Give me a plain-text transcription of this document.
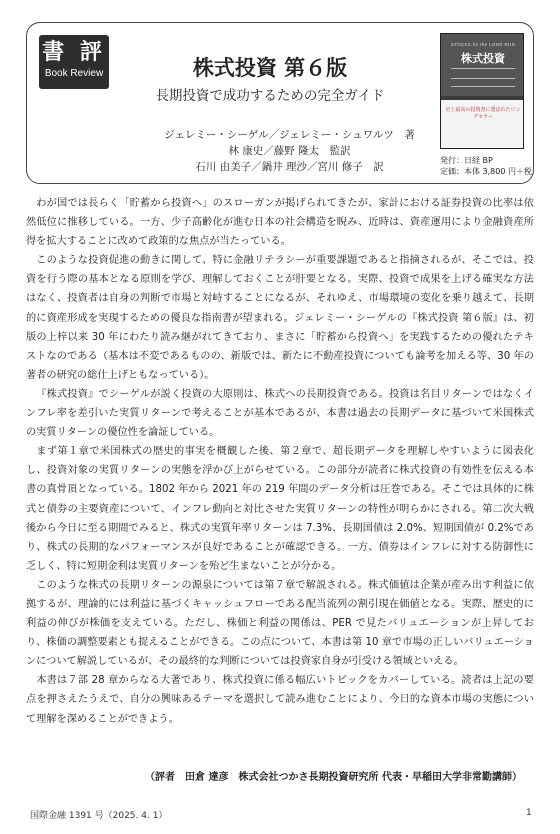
書 評
Book Review	株式投資 第６版
長期投資で成功するための完全ガイド
ジェレミー・シーゲル／ジェレミー・シュワルツ　著
林 康史／藤野 隆太　監訳
石川 由美子／鍋井 理沙／宮川 修子　訳
STOCKS for the LONG RUN
株式投資
史上最高の投資書に選ばれたロングセラー
発行：日経 BP
定価：本体 3,800 円＋税

わが国では長らく「貯蓄から投資へ」のスローガンが掲げられてきたが、家計における証券投資の比率は依然低位に推移している。一方、少子高齢化が進む日本の社会構造を睨み、近時は、資産運用により金融資産所得を拡大することに改めて政策的な焦点が当たっている。

このような投資促進の動きに関して、特に金融リテラシーが重要課題であると指摘されるが、そこでは、投資を行う際の基本となる原則を学び、理解しておくことが肝要となる。実際、投資で成果を上げる確実な方法はなく、投資者は自身の判断で市場と対峙することになるが、それゆえ、市場環境の変化を乗り越えて、長期的に資産形成を実現するための優良な指南書が望まれる。ジェレミー・シーゲルの『株式投資 第６版』は、初版の上梓以来 30 年にわたり読み継がれてきており、まさに「貯蓄から投資へ」を実践するための優れたテキストなのである（基本は不変であるものの、新版では、新たに不動産投資についても論考を加える等、30 年の著者の研究の総仕上げともなっている）。

『株式投資』でシーゲルが説く投資の大原則は、株式への長期投資である。投資は名目リターンではなくインフレ率を差引いた実質リターンで考えることが基本であるが、本書は過去の長期データに基づいて米国株式の実質リターンの優位性を論証している。

まず第１章で米国株式の歴史的事実を概観した後、第２章で、超長期データを理解しやすいように図表化し、投資対象の実質リターンの実態を浮かび上がらせている。この部分が読者に株式投資の有効性を伝える本書の真骨頂となっている。1802 年から 2021 年の 219 年間のデータ分析は圧巻である。そこでは具体的に株式と債券の主要資産について、インフレ動向と対比させた実質リターンの特性が明らかにされる。第二次大戦後から今日に至る期間でみると、株式の実質年率リターンは 7.3%、長期国債は 2.0%、短期国債が 0.2%であり、株式の長期的なパフォーマンスが良好であることが確認できる。一方、債券はインフレに対する防御性に乏しく、特に短期金利は実質リターンを殆ど生まないことが分かる。

このような株式の長期リターンの源泉については第７章で解説される。株式価値は企業が産み出す利益に依拠するが、理論的には利益に基づくキャッシュフローである配当流列の割引現在価値となる。実際、歴史的に利益の伸びが株価を支えている。ただし、株価と利益の関係は、PER で見たバリュエーションが上昇しており、株価の調整要素とも捉えることができる。この点について、本書は第 10 章で市場の正しいバリュエーションについて解説しているが、その最終的な判断については投資家自身が引受ける領域といえる。

本書は７部 28 章からなる大著であり、株式投資に係る幅広いトピックをカバーしている。読者は上記の要点を押さえたうえで、自分の興味あるテーマを選択して読み進むことにより、今日的な資本市場の実態について理解を深めることができよう。

（評者　田倉 達彦　株式会社つかさ長期投資研究所 代表・早稲田大学非常勤講師）
国際金融 1391 号（2025. 4. 1）	1
